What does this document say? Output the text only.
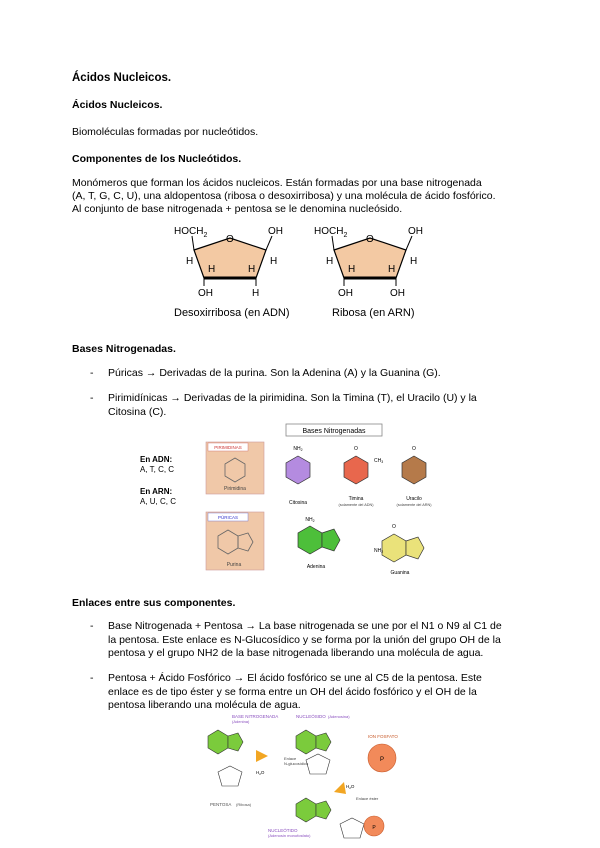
Ácidos Nucleicos.
Ácidos Nucleicos.
Biomoléculas formadas por nucleótidos.
Componentes de los Nucleótidos.
Monómeros que forman los ácidos nucleicos. Están formadas por una base nitrogenada
(A, T, G, C, U), una aldopentosa (ribosa o desoxirribosa) y una molécula de ácido fosfórico.
Al conjunto de base nitrogenada + pentosa se le denomina nucleósido.
$HOCH_2$ O
OH
H	H
H	H
OH	H
Desoxirribosa (en ADN)
$HOCH_2$ O
OH
H	H
H	H
OH	OH
Ribosa (en ARN)
Bases Nitrogenadas.
- Púricas → Derivadas de la purina. Son la Adenina (A) y la Guanina (G).
- Pirimidínicas → Derivadas de la pirimidina. Son la Timina (T), el Uracilo (U) y la
Citosina (C).
Bases Nitrogenadas
En ADN:
A, T, C, C
En ARN:
A, U, C, C
PIRIMIDINAS
Pirimidina
$NH_2$
Citosina
O
$CH_3$
Timina
(solamente del ADN)
O
Uracilo
(solamente del ARN)
PÚRICAS
Purina
$NH_2$
Adenina
O
$NH_2$
Guanina
Enlaces entre sus componentes.
- Base Nitrogenada + Pentosa → La base nitrogenada se une por el N1 o N9 al C1 de
la pentosa. Este enlace es N-Glucosídico y se forma por la unión del grupo OH de la
pentosa y el grupo NH2 de la base nitrogenada liberando una molécula de agua.
- Pentosa + Ácido Fosfórico → El ácido fosfórico se une al C5 de la pentosa. Este
enlace es de tipo éster y se forma entre un OH del ácido fosfórico y el OH de la
pentosa liberando una molécula de agua.
BASE NITROGENADA
(Adenina)
$H_2O$
PENTOSA (Ribosa)
NUCLEÓSIDO (Adenosina)
Enlace
N-glucosídico
ION FOSFATO
P
$H_2O$
Enlace éster
P
NUCLEÓTIDO
(Adenosin monofosfato)
